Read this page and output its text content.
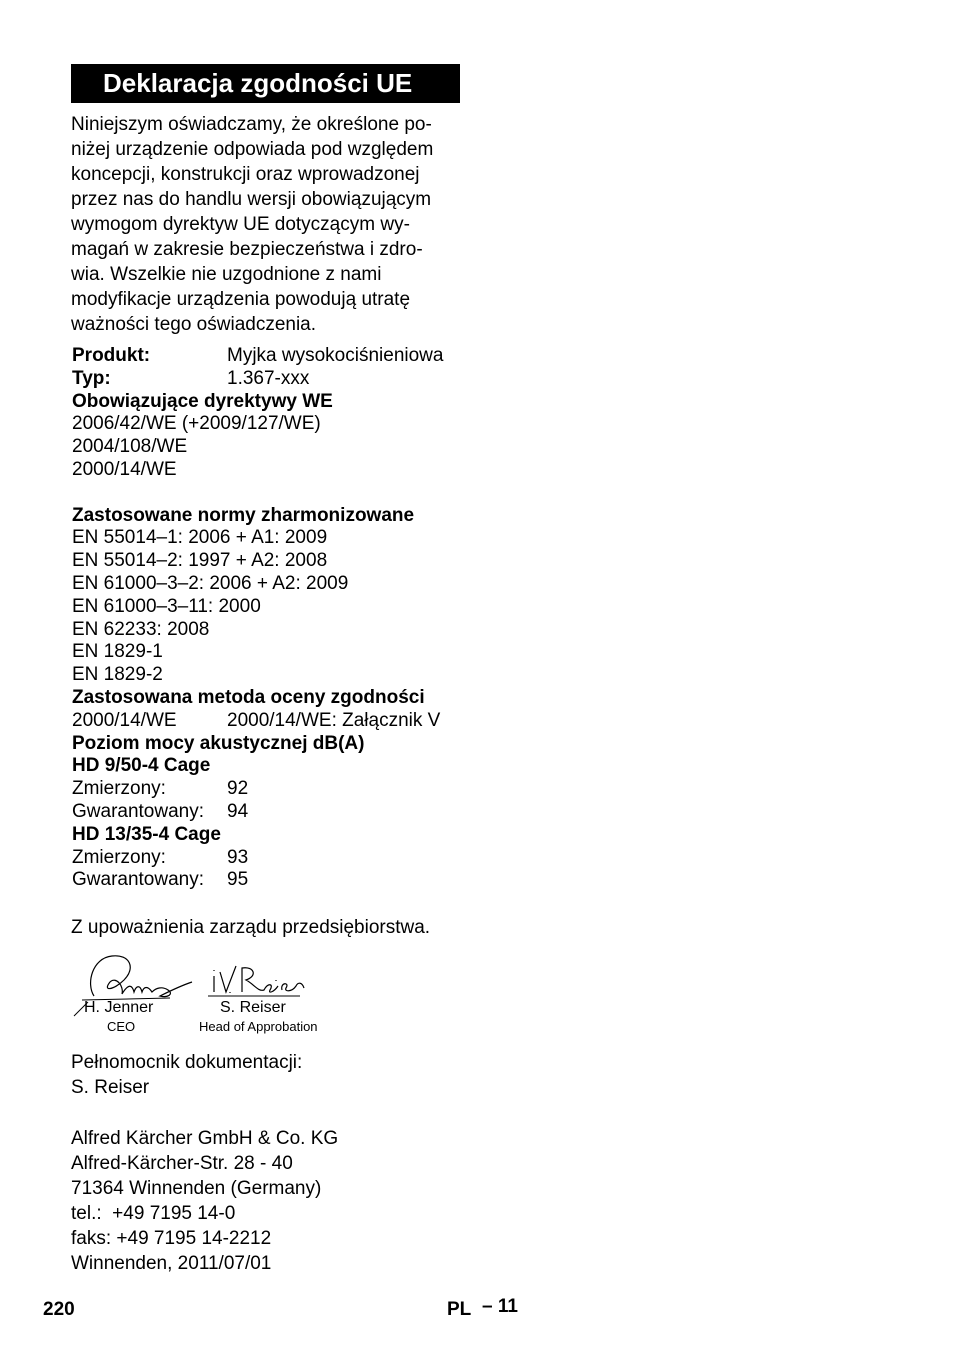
Deklaracja zgodności UE
Niniejszym oświadczamy, że określone po-
niżej urządzenie odpowiada pod względem
koncepcji, konstrukcji oraz wprowadzonej
przez nas do handlu wersji obowiązującym
wymogom dyrektyw UE dotyczącym wy-
magań w zakresie bezpieczeństwa i zdro-
wia. Wszelkie nie uzgodnione z nami
modyfikacje urządzenia powodują utratę
ważności tego oświadczenia.
Produkt:	Myjka wysokociśnieniowa
Typ:	1.367-xxx
Obowiązujące dyrektywy WE
2006/42/WE (+2009/127/WE)
2004/108/WE
2000/14/WE
Zastosowane normy zharmonizowane
EN 55014–1: 2006 + A1: 2009
EN 55014–2: 1997 + A2: 2008
EN 61000–3–2: 2006 + A2: 2009
EN 61000–3–11: 2000
EN 62233: 2008
EN 1829-1
EN 1829-2
Zastosowana metoda oceny zgodności
2000/14/WE	2000/14/WE: Załącznik V
Poziom mocy akustycznej dB(A)
HD 9/50-4 Cage
Zmierzony:	92
Gwarantowany: 94
HD 13/35-4 Cage
Zmierzony:	93
Gwarantowany: 95
Z upoważnienia zarządu przedsiębiorstwa.
H. Jenner
CEO
S. Reiser
Head of Approbation
Pełnomocnik dokumentacji:
S. Reiser
Alfred Kärcher GmbH & Co. KG
Alfred-Kärcher-Str. 28 - 40
71364 Winnenden (Germany)
tel.:  +49 7195 14-0
faks: +49 7195 14-2212
Winnenden, 2011/07/01
220	PL – 11
